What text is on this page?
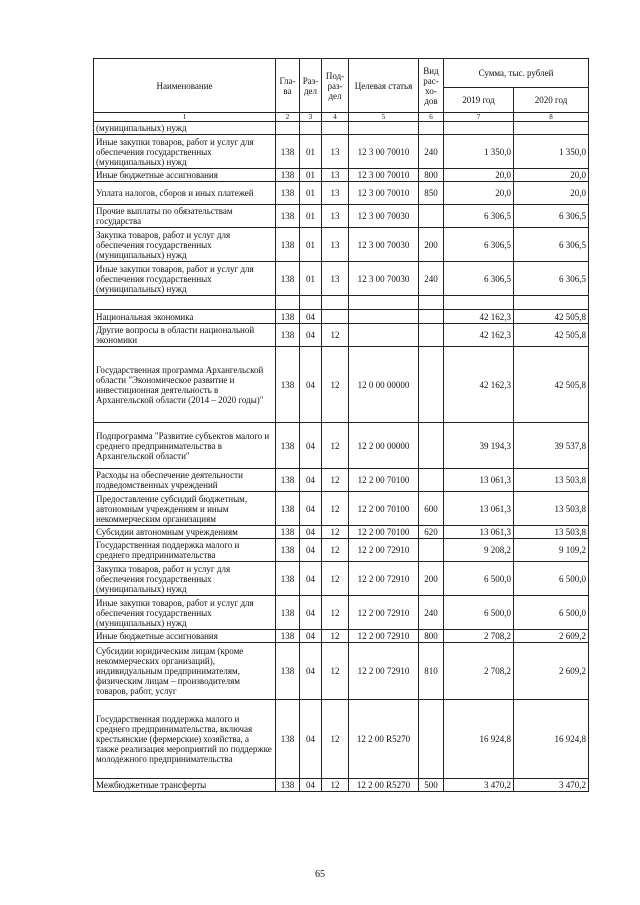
Наименование	Гла-ва	Раз-дел	Под-раз-дел	Целевая статья	Вид рас-хо-дов	Сумма, тыс. рублей	
						2019 год	2020 год
1	2	3	4	5	6	7	8
(муниципальных) нужд							
Иные закупки товаров, работ и услуг для обеспечения государственных (муниципальных) нужд	138	01	13	12 3 00 70010	240	1 350,0	1 350,0
Иные бюджетные ассигнования	138	01	13	12 3 00 70010	800	20,0	20,0
Уплата налогов, сборов и иных платежей	138	01	13	12 3 00 70010	850	20,0	20,0
Прочие выплаты по обязательствам государства	138	01	13	12 3 00 70030		6 306,5	6 306,5
Закупка товаров, работ и услуг для обеспечения государственных (муниципальных) нужд	138	01	13	12 3 00 70030	200	6 306,5	6 306,5
Иные закупки товаров, работ и услуг для обеспечения государственных (муниципальных) нужд	138	01	13	12 3 00 70030	240	6 306,5	6 306,5

Национальная экономика	138	04				42 162,3	42 505,8
Другие вопросы в области национальной экономики	138	04	12			42 162,3	42 505,8
Государственная программа Архангельской области "Экономическое развитие и инвестиционная деятельность в Архангельской области (2014 – 2020 годы)"	138	04	12	12 0 00 00000		42 162,3	42 505,8
Подпрограмма "Развитие субъектов малого и среднего предпринимательства в Архангельской области"	138	04	12	12 2 00 00000		39 194,3	39 537,8
Расходы на обеспечение деятельности подведомственных учреждений	138	04	12	12 2 00 70100		13 061,3	13 503,8
Предоставление субсидий бюджетным, автономным учреждениям и иным некоммерческим организациям	138	04	12	12 2 00 70100	600	13 061,3	13 503,8
Субсидии автономным учреждениям	138	04	12	12 2 00 70100	620	13 061,3	13 503,8
Государственная поддержка малого и среднего предпринимательства	138	04	12	12 2 00 72910		9 208,2	9 109,2
Закупка товаров, работ и услуг для обеспечения государственных (муниципальных) нужд	138	04	12	12 2 00 72910	200	6 500,0	6 500,0
Иные закупки товаров, работ и услуг для обеспечения государственных (муниципальных) нужд	138	04	12	12 2 00 72910	240	6 500,0	6 500,0
Иные бюджетные ассигнования	138	04	12	12 2 00 72910	800	2 708,2	2 609,2
Субсидии юридическим лицам (кроме некоммерческих организаций), индивидуальным предпринимателям, физическим лицам – производителям товаров, работ, услуг	138	04	12	12 2 00 72910	810	2 708,2	2 609,2
Государственная поддержка малого и среднего предпринимательства, включая крестьянские (фермерские) хозяйства, а также реализация мероприятий по поддержке молодежного предпринимательства	138	04	12	12 2 00 R5270		16 924,8	16 924,8
Межбюджетные трансферты	138	04	12	12 2 00 R5270	500	3 470,2	3 470,2
65
